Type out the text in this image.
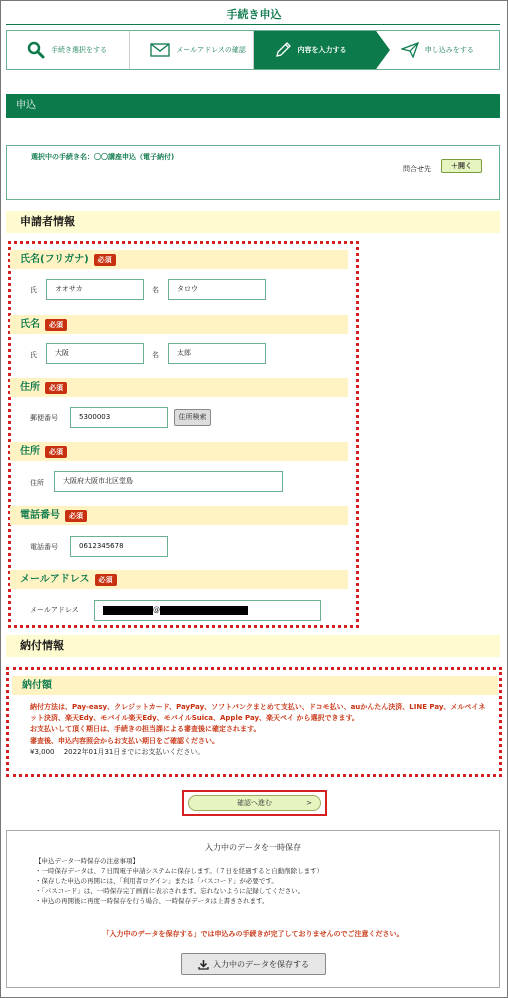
手続き申込
手続き選択をする	メールアドレスの確認	内容を入力する	申し込みをする
申込
選択中の手続き名：〇〇講座申込（電子納付)
問合せ先	＋開く
申請者情報
氏名(フリガナ)	必須
氏	オオサカ	名	タロウ
氏名	必須
氏	大阪	名	太郎
住所	必須
郵便番号	5300003	住所検索
住所	必須
住所	大阪府大阪市北区堂島
電話番号	必須
電話番号	0612345678
メールアドレス	必須
メールアドレス	@
納付情報
納付額
納付方法は、Pay-easy、クレジットカード、PayPay、ソフトバンクまとめて支払い、ドコモ払い、auかんたん決済、LINE Pay、メルペイネット決済、楽天Edy、モバイル楽天Edy、モバイルSuica、Apple Pay、楽天ペイ から選択できます。
お支払いして頂く期日は、手続きの担当課による審査後に確定されます。
審査後、申込内容照会からお支払い期日をご確認ください。
¥3,000　 2022年01月31日までにお支払いください。
確認へ進む	>
入力中のデータを一時保存
【申込データ一時保存の注意事項】
・一時保存データは、７日間電子申請システムに保存します。（７日を経過すると自動削除します）
・保存した申込の再開には、「利用者ログイン」または「パスコード」が必要です。
・「パスコード」は、一時保存完了画面に表示されます。忘れないように記録してください。
・申込の再開後に再度一時保存を行う場合、一時保存データは上書きされます。
「入力中のデータを保存する」では申込みの手続きが完了しておりませんのでご注意ください。
入力中のデータを保存する
